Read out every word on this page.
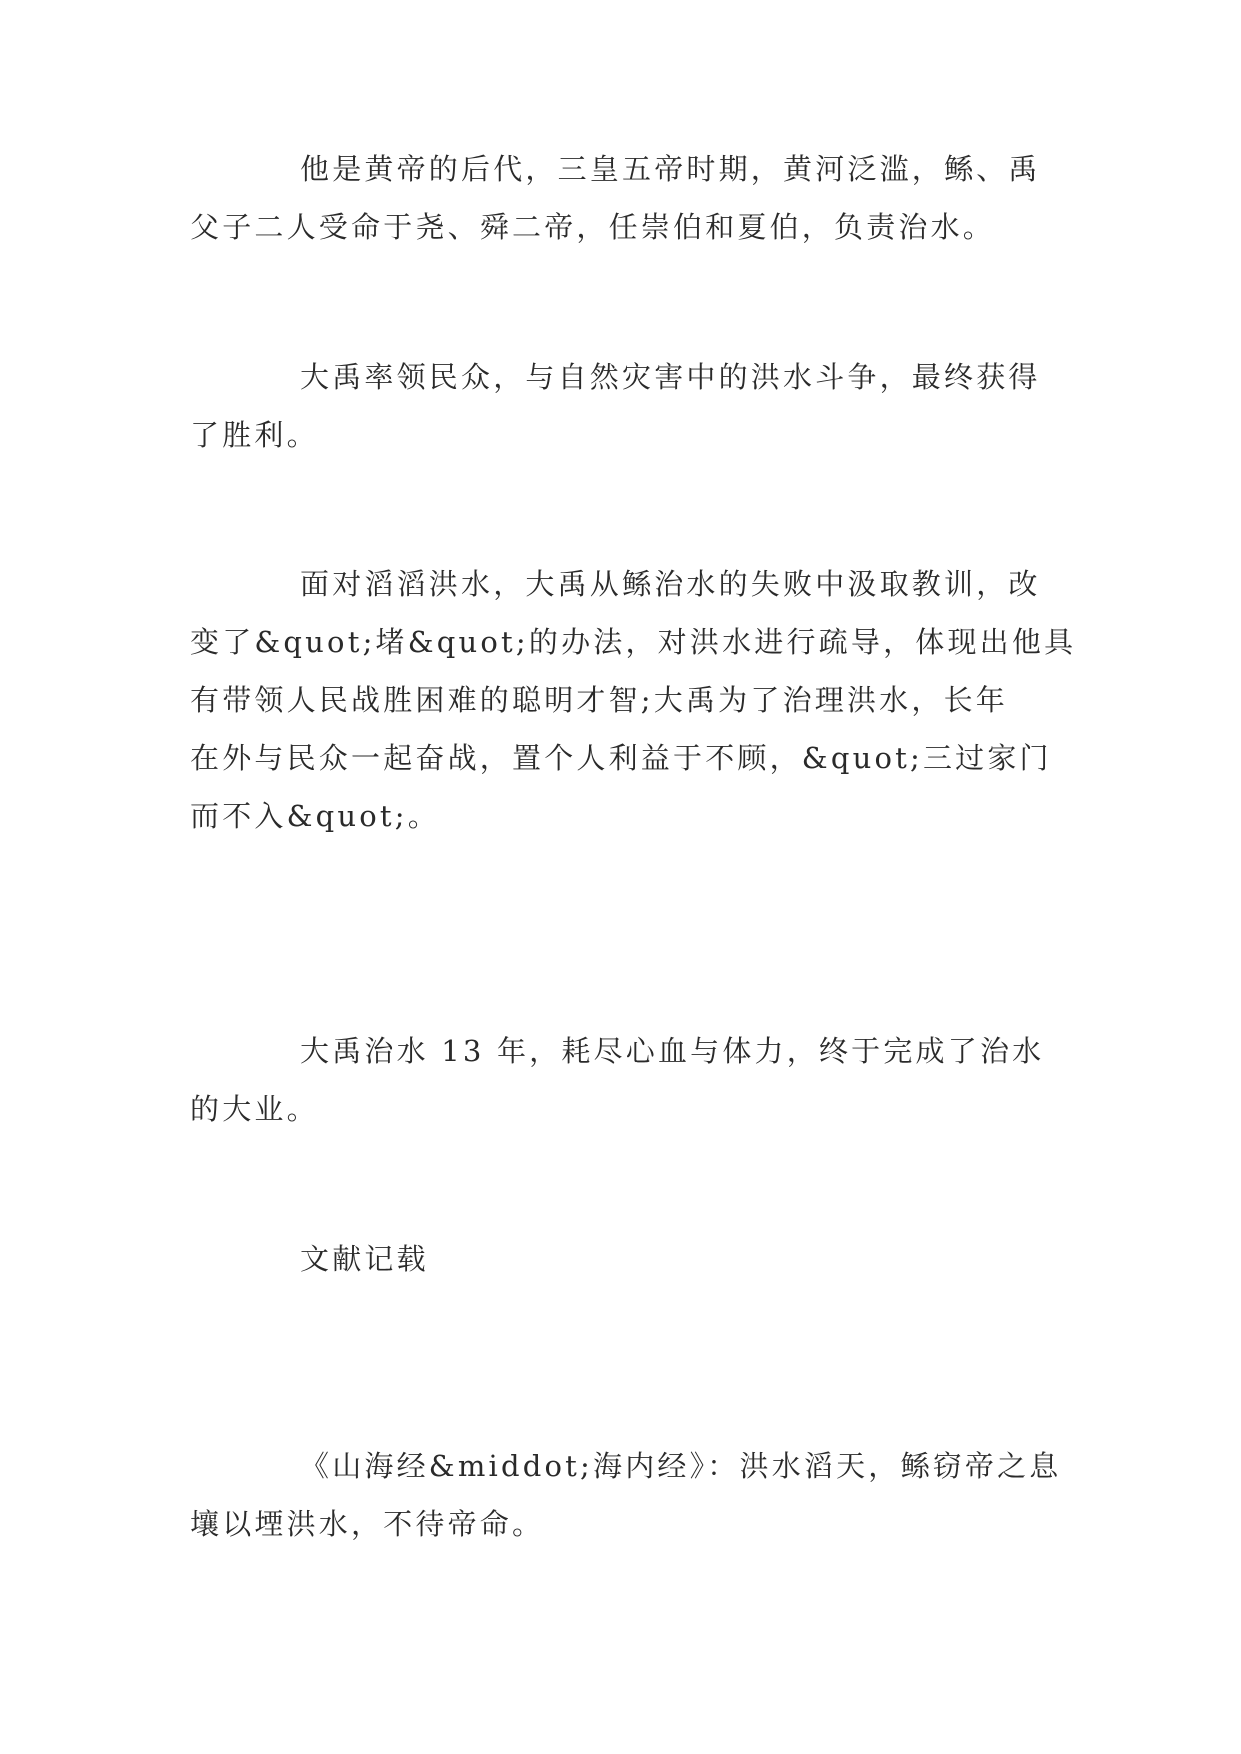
他是黄帝的后代，三皇五帝时期，黄河泛滥，鲧、禹
父子二人受命于尧、舜二帝，任崇伯和夏伯，负责治水。
大禹率领民众，与自然灾害中的洪水斗争，最终获得
了胜利。
面对滔滔洪水，大禹从鲧治水的失败中汲取教训，改
变了&quot;堵&quot;的办法，对洪水进行疏导，体现出他具
有带领人民战胜困难的聪明才智;大禹为了治理洪水，长年
在外与民众一起奋战，置个人利益于不顾，&quot;三过家门
而不入&quot;。
大禹治水 13 年，耗尽心血与体力，终于完成了治水
的大业。
文献记载
《山海经&middot;海内经》：洪水滔天，鲧窃帝之息
壤以堙洪水，不待帝命。
